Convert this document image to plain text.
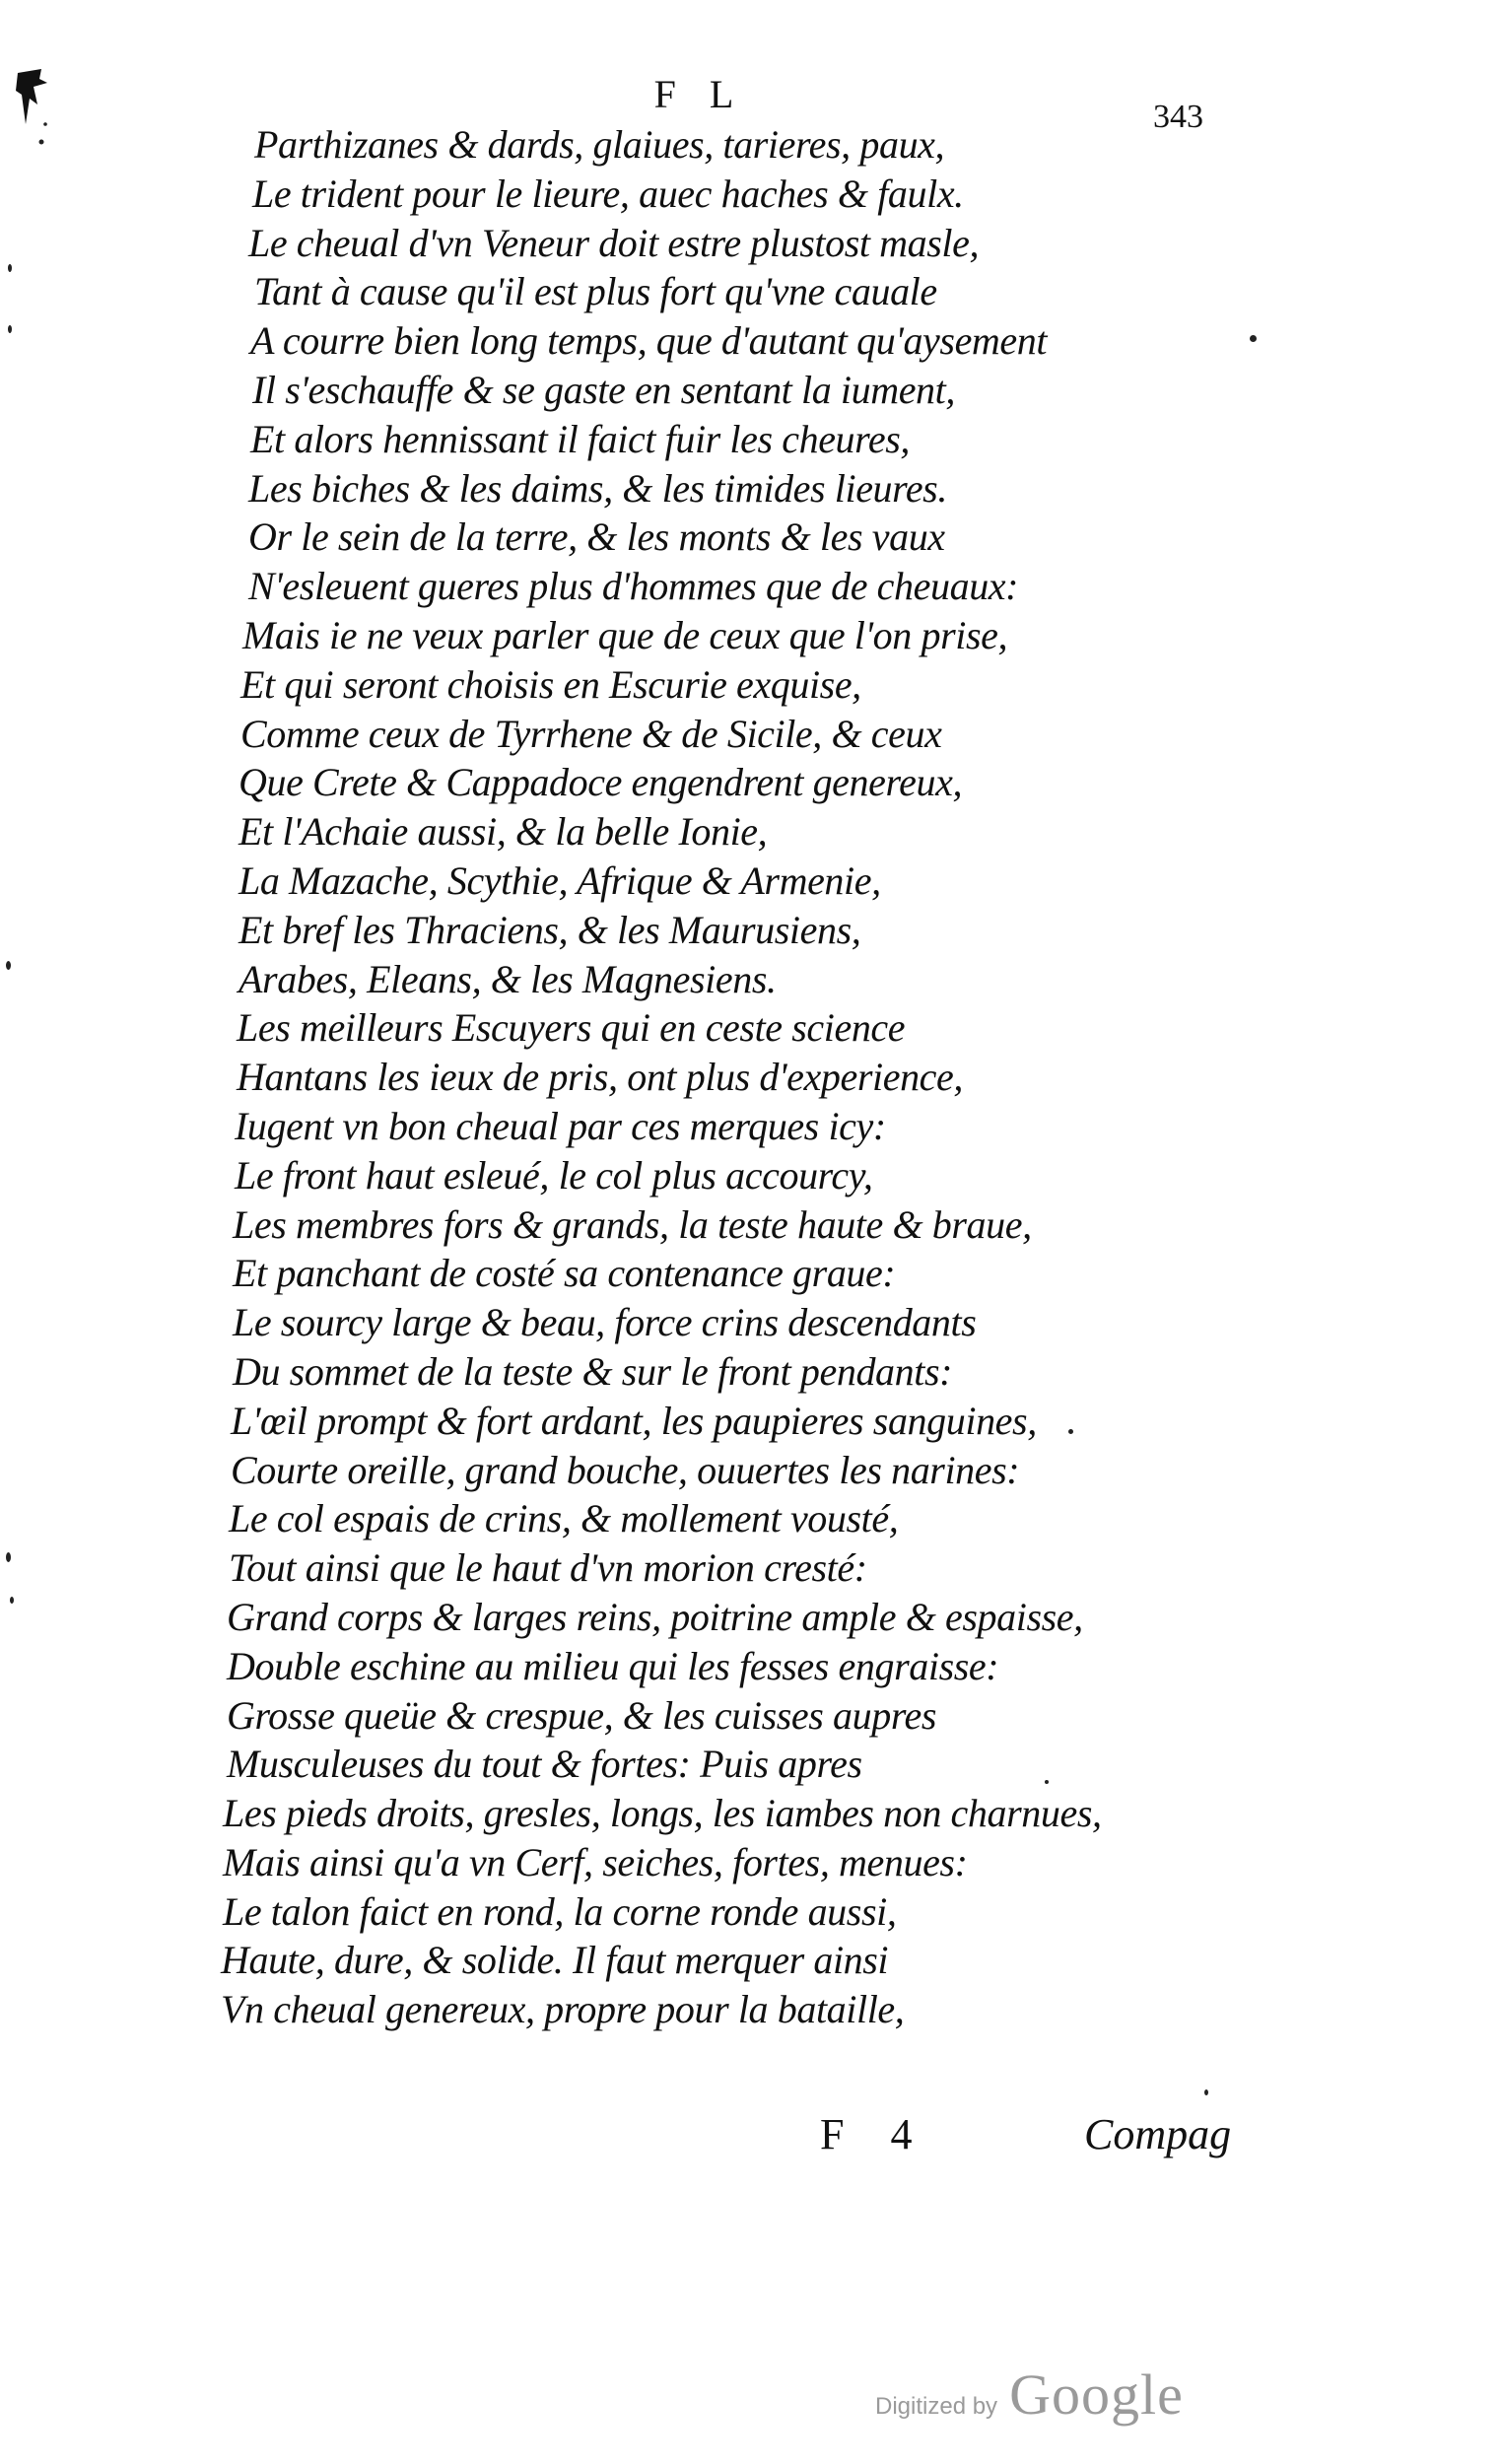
F L
343
Parthizanes & dards, glaiues, tarieres, paux,
Le trident pour le lieure, auec haches & faulx.
Le cheual d'vn Veneur doit estre plustost masle,
Tant à cause qu'il est plus fort qu'vne cauale
A courre bien long temps, que d'autant qu'aysement
Il s'eschauffe & se gaste en sentant la iument,
Et alors hennissant il faict fuir les cheures,
Les biches & les daims, & les timides lieures.
Or le sein de la terre, & les monts & les vaux
N'esleuent gueres plus d'hommes que de cheuaux:
Mais ie ne veux parler que de ceux que l'on prise,
Et qui seront choisis en Escurie exquise,
Comme ceux de Tyrrhene & de Sicile, & ceux
Que Crete & Cappadoce engendrent genereux,
Et l'Achaie aussi, & la belle Ionie,
La Mazache, Scythie, Afrique & Armenie,
Et bref les Thraciens, & les Maurusiens,
Arabes, Eleans, & les Magnesiens.
Les meilleurs Escuyers qui en ceste science
Hantans les ieux de pris, ont plus d'experience,
Iugent vn bon cheual par ces merques icy:
Le front haut esleué, le col plus accourcy,
Les membres fors & grands, la teste haute & braue,
Et panchant de costé sa contenance graue:
Le sourcy large & beau, force crins descendants
Du sommet de la teste & sur le front pendants:
L'œil prompt & fort ardant, les paupieres sanguines,
Courte oreille, grand bouche, ouuertes les narines:
Le col espais de crins, & mollement vousté,
Tout ainsi que le haut d'vn morion cresté:
Grand corps & larges reins, poitrine ample & espaisse,
Double eschine au milieu qui les fesses engraisse:
Grosse queüe & crespue, & les cuisses aupres
Musculeuses du tout & fortes: Puis apres
Les pieds droits, gresles, longs, les iambes non charnues,
Mais ainsi qu'a vn Cerf, seiches, fortes, menues:
Le talon faict en rond, la corne ronde aussi,
Haute, dure, & solide. Il faut merquer ainsi
Vn cheual genereux, propre pour la bataille,
F 4	Compag
Digitized by Google
